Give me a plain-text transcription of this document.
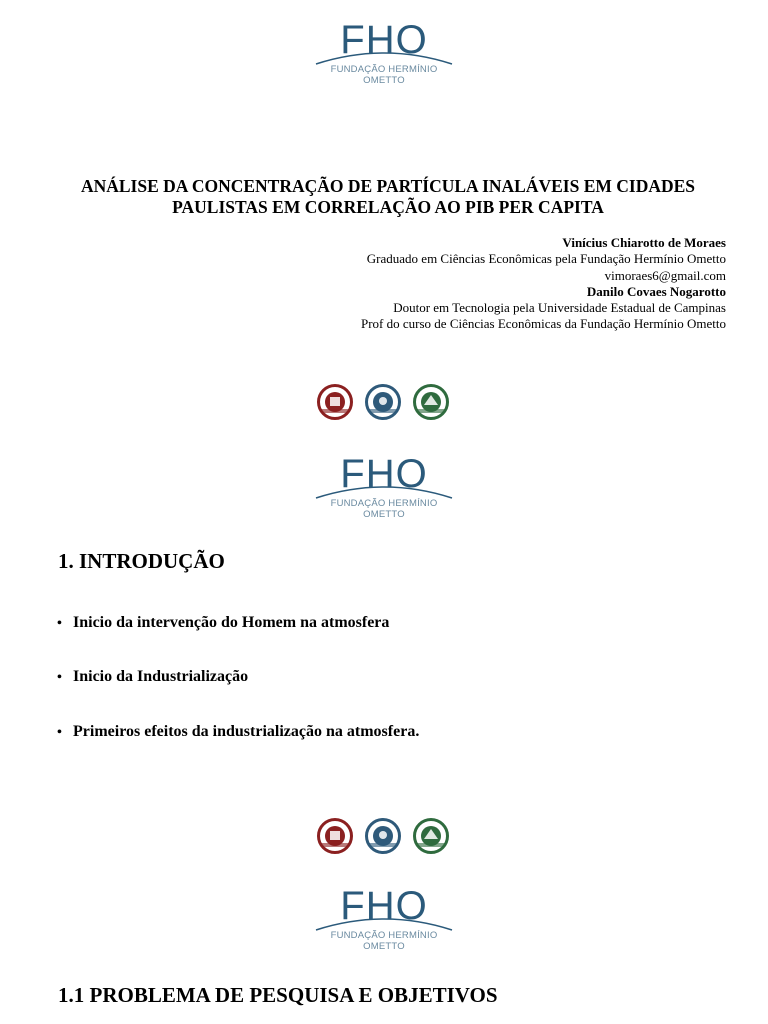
FHO
FUNDAÇÃO HERMÍNIO OMETTO
ANÁLISE DA CONCENTRAÇÃO DE PARTÍCULA INALÁVEIS EM CIDADES
PAULISTAS EM CORRELAÇÃO AO PIB PER CAPITA
Vinícius Chiarotto de Moraes
Graduado em Ciências Econômicas pela Fundação Hermínio Ometto
vimoraes6@gmail.com
Danilo Covaes Nogarotto
Doutor em Tecnologia pela Universidade Estadual de Campinas
Prof do curso de Ciências Econômicas da Fundação Hermínio Ometto
FHO
FUNDAÇÃO HERMÍNIO OMETTO
1. INTRODUÇÃO
• Inicio da intervenção do Homem na atmosfera
• Inicio da Industrialização
• Primeiros efeitos da industrialização na atmosfera.
FHO
FUNDAÇÃO HERMÍNIO OMETTO
1.1 PROBLEMA DE PESQUISA E OBJETIVOS
